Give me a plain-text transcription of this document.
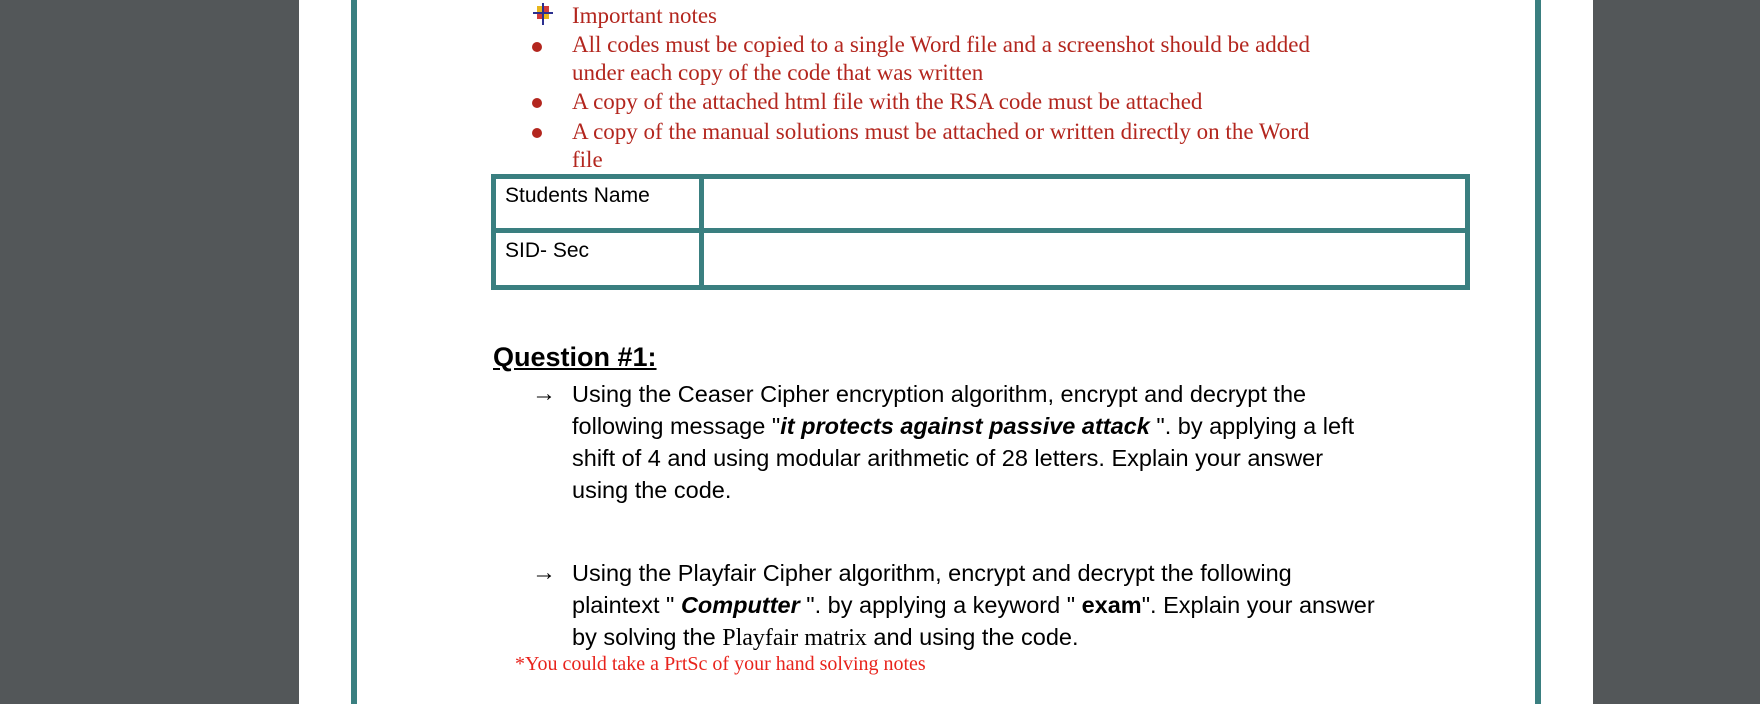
Important notes
All codes must be copied to a single Word file and a screenshot should be added
under each copy of the code that was written
A copy of the attached html file with the RSA code must be attached
A copy of the manual solutions must be attached or written directly on the Word
file
Students Name
SID- Sec
Question #1:
→ Using the Ceaser Cipher encryption algorithm, encrypt and decrypt the
following message "it protects against passive attack ". by applying a left
shift of 4 and using modular arithmetic of 28 letters. Explain your answer
using the code.
→ Using the Playfair Cipher algorithm, encrypt and decrypt the following
plaintext " Computter ". by applying a keyword " exam". Explain your answer
by solving the Playfair matrix and using the code.
*You could take a PrtSc of your hand solving notes
